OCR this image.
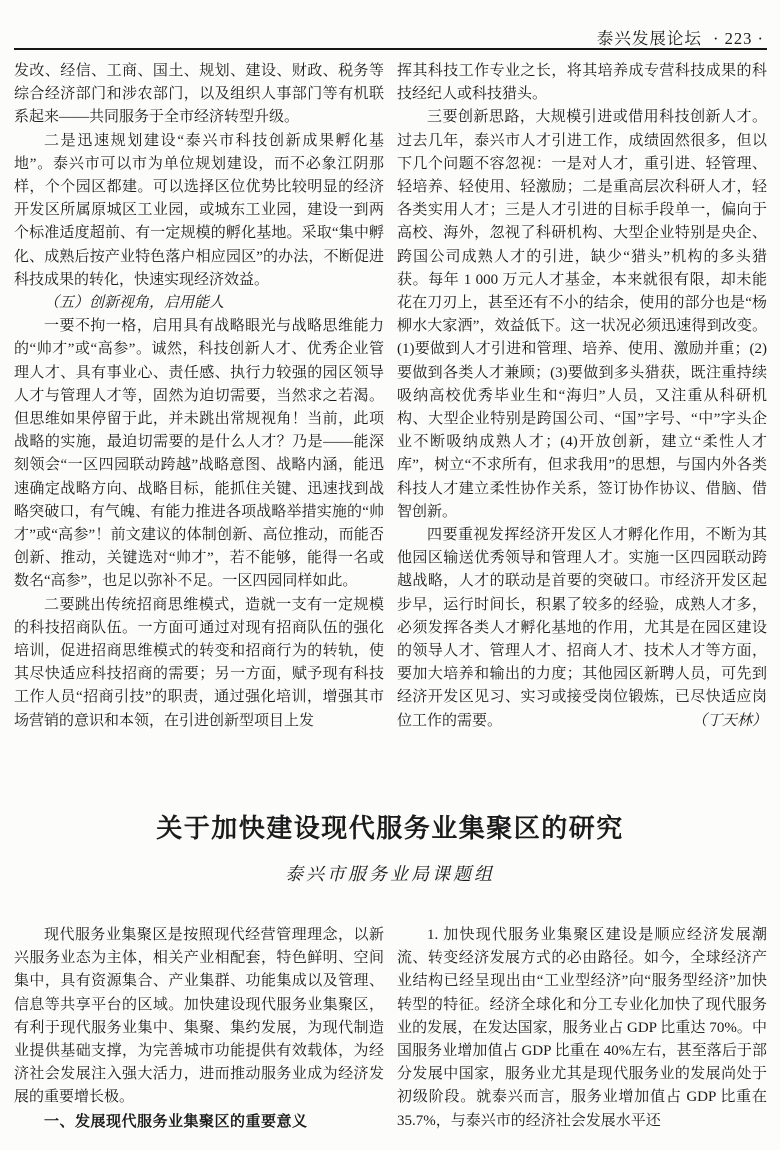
泰兴发展论坛 · 223 ·

发改、经信、工商、国土、规划、建设、财政、税务等综合经济部门和涉农部门，以及组织人事部门等有机联系起来——共同服务于全市经济转型升级。

二是迅速规划建设“泰兴市科技创新成果孵化基地”。泰兴市可以市为单位规划建设，而不必象江阴那样，个个园区都建。可以选择区位优势比较明显的经济开发区所属原城区工业园，或城东工业园，建设一到两个标准适度超前、有一定规模的孵化基地。采取“集中孵化、成熟后按产业特色落户相应园区”的办法，不断促进科技成果的转化，快速实现经济效益。

（五）创新视角，启用能人

一要不拘一格，启用具有战略眼光与战略思维能力的“帅才”或“高参”。诚然，科技创新人才、优秀企业管理人才、具有事业心、责任感、执行力较强的园区领导人才与管理人才等，固然为迫切需要，当然求之若渴。但思维如果停留于此，并未跳出常规视角！当前，此项战略的实施，最迫切需要的是什么人才？乃是——能深刻领会“一区四园联动跨越”战略意图、战略内涵，能迅速确定战略方向、战略目标，能抓住关键、迅速找到战略突破口，有气魄、有能力推进各项战略举措实施的“帅才”或“高参”！前文建议的体制创新、高位推动，而能否创新、推动，关键选对“帅才”，若不能够，能得一名或数名“高参”，也足以弥补不足。一区四园同样如此。

二要跳出传统招商思维模式，造就一支有一定规模的科技招商队伍。一方面可通过对现有招商队伍的强化培训，促进招商思维模式的转变和招商行为的转轨，使其尽快适应科技招商的需要；另一方面，赋予现有科技工作人员“招商引技”的职责，通过强化培训，增强其市场营销的意识和本领，在引进创新型项目上发

挥其科技工作专业之长，将其培养成专营科技成果的科技经纪人或科技猎头。

三要创新思路，大规模引进或借用科技创新人才。过去几年，泰兴市人才引进工作，成绩固然很多，但以下几个问题不容忽视：一是对人才，重引进、轻管理、轻培养、轻使用、轻激励；二是重高层次科研人才，轻各类实用人才；三是人才引进的目标手段单一，偏向于高校、海外，忽视了科研机构、大型企业特别是央企、跨国公司成熟人才的引进，缺少“猎头”机构的多头猎获。每年 1 000 万元人才基金，本来就很有限，却未能花在刀刃上，甚至还有不小的结余，使用的部分也是“杨柳水大家洒”，效益低下。这一状况必须迅速得到改变。(1)要做到人才引进和管理、培养、使用、激励并重；(2)要做到各类人才兼顾；(3)要做到多头猎获，既注重持续吸纳高校优秀毕业生和“海归”人员，又注重从科研机构、大型企业特别是跨国公司、“国”字号、“中”字头企业不断吸纳成熟人才；(4)开放创新，建立“柔性人才库”，树立“不求所有，但求我用”的思想，与国内外各类科技人才建立柔性协作关系，签订协作协议、借脑、借智创新。

四要重视发挥经济开发区人才孵化作用，不断为其他园区输送优秀领导和管理人才。实施一区四园联动跨越战略，人才的联动是首要的突破口。市经济开发区起步早，运行时间长，积累了较多的经验，成熟人才多，必须发挥各类人才孵化基地的作用，尤其是在园区建设的领导人才、管理人才、招商人才、技术人才等方面，要加大培养和输出的力度；其他园区新聘人员，可先到经济开发区见习、实习或接受岗位锻炼，已尽快适应岗位工作的需要。	（丁天林）

关于加快建设现代服务业集聚区的研究
泰兴市服务业局课题组

现代服务业集聚区是按照现代经营管理理念，以新兴服务业态为主体，相关产业相配套，特色鲜明、空间集中，具有资源集合、产业集群、功能集成以及管理、信息等共享平台的区域。加快建设现代服务业集聚区，有利于现代服务业集中、集聚、集约发展，为现代制造业提供基础支撑，为完善城市功能提供有效载体，为经济社会发展注入强大活力，进而推动服务业成为经济发展的重要增长极。

一、发展现代服务业集聚区的重要意义

1. 加快现代服务业集聚区建设是顺应经济发展潮流、转变经济发展方式的必由路径。如今，全球经济产业结构已经呈现出由“工业型经济”向“服务型经济”加快转型的特征。经济全球化和分工专业化加快了现代服务业的发展，在发达国家，服务业占 GDP 比重达 70%。中国服务业增加值占 GDP 比重在 40%左右，甚至落后于部分发展中国家，服务业尤其是现代服务业的发展尚处于初级阶段。就泰兴而言，服务业增加值占 GDP 比重在 35.7%，与泰兴市的经济社会发展水平还
